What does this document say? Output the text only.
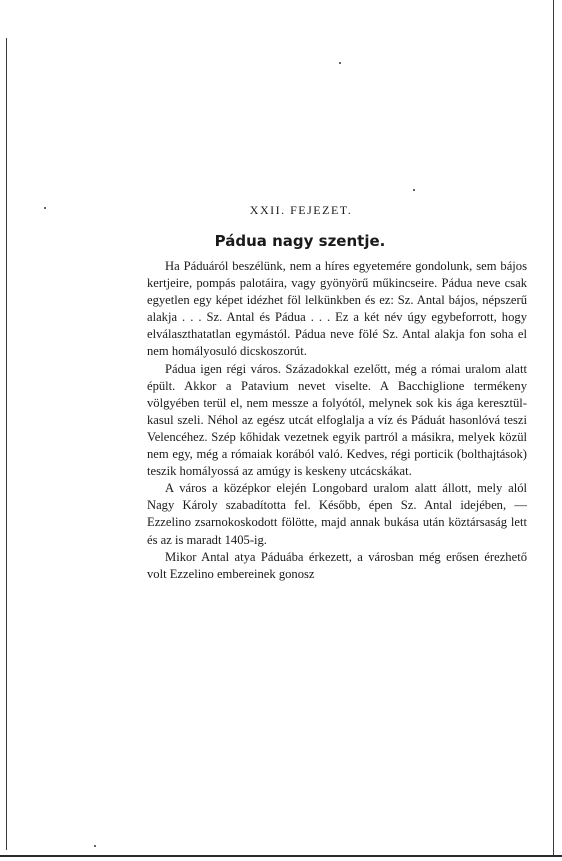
XXII. FEJEZET.
Pádua nagy szentje.

Ha Páduáról beszélünk, nem a híres egyetemére gondolunk, sem bájos kertjeire, pompás palotáira, vagy gyönyörű műkincseire. Pádua neve csak egyetlen egy képet idézhet föl lelkünkben és ez: Sz. Antal bájos, népszerű alakja . . . Sz. Antal és Pádua . . . Ez a két név úgy egybeforrott, hogy elválaszthatatlan egymástól. Pádua neve fölé Sz. Antal alakja fon soha el nem homályosuló dicskoszorút.

Pádua igen régi város. Századokkal ezelőtt, még a római uralom alatt épült. Akkor a Patavium nevet viselte. A Bacchiglione termékeny völgyében terül el, nem messze a folyótól, melynek sok kis ága keresztül-kasul szeli. Néhol az egész utcát elfoglalja a víz és Páduát hasonlóvá teszi Velencéhez. Szép kőhidak vezetnek egyik partról a másikra, melyek közül nem egy, még a rómaiak korából való. Kedves, régi porticik (bolthajtások) teszik homályossá az amúgy is keskeny utcácskákat.

A város a középkor elején Longobard uralom alatt állott, mely alól Nagy Károly szabadította fel. Később, épen Sz. Antal idejében, — Ezzelino zsarnokoskodott fölötte, majd annak bukása után köztársaság lett és az is maradt 1405-ig.

Mikor Antal atya Páduába érkezett, a városban még erősen érezhető volt Ezzelino embereinek gonosz
